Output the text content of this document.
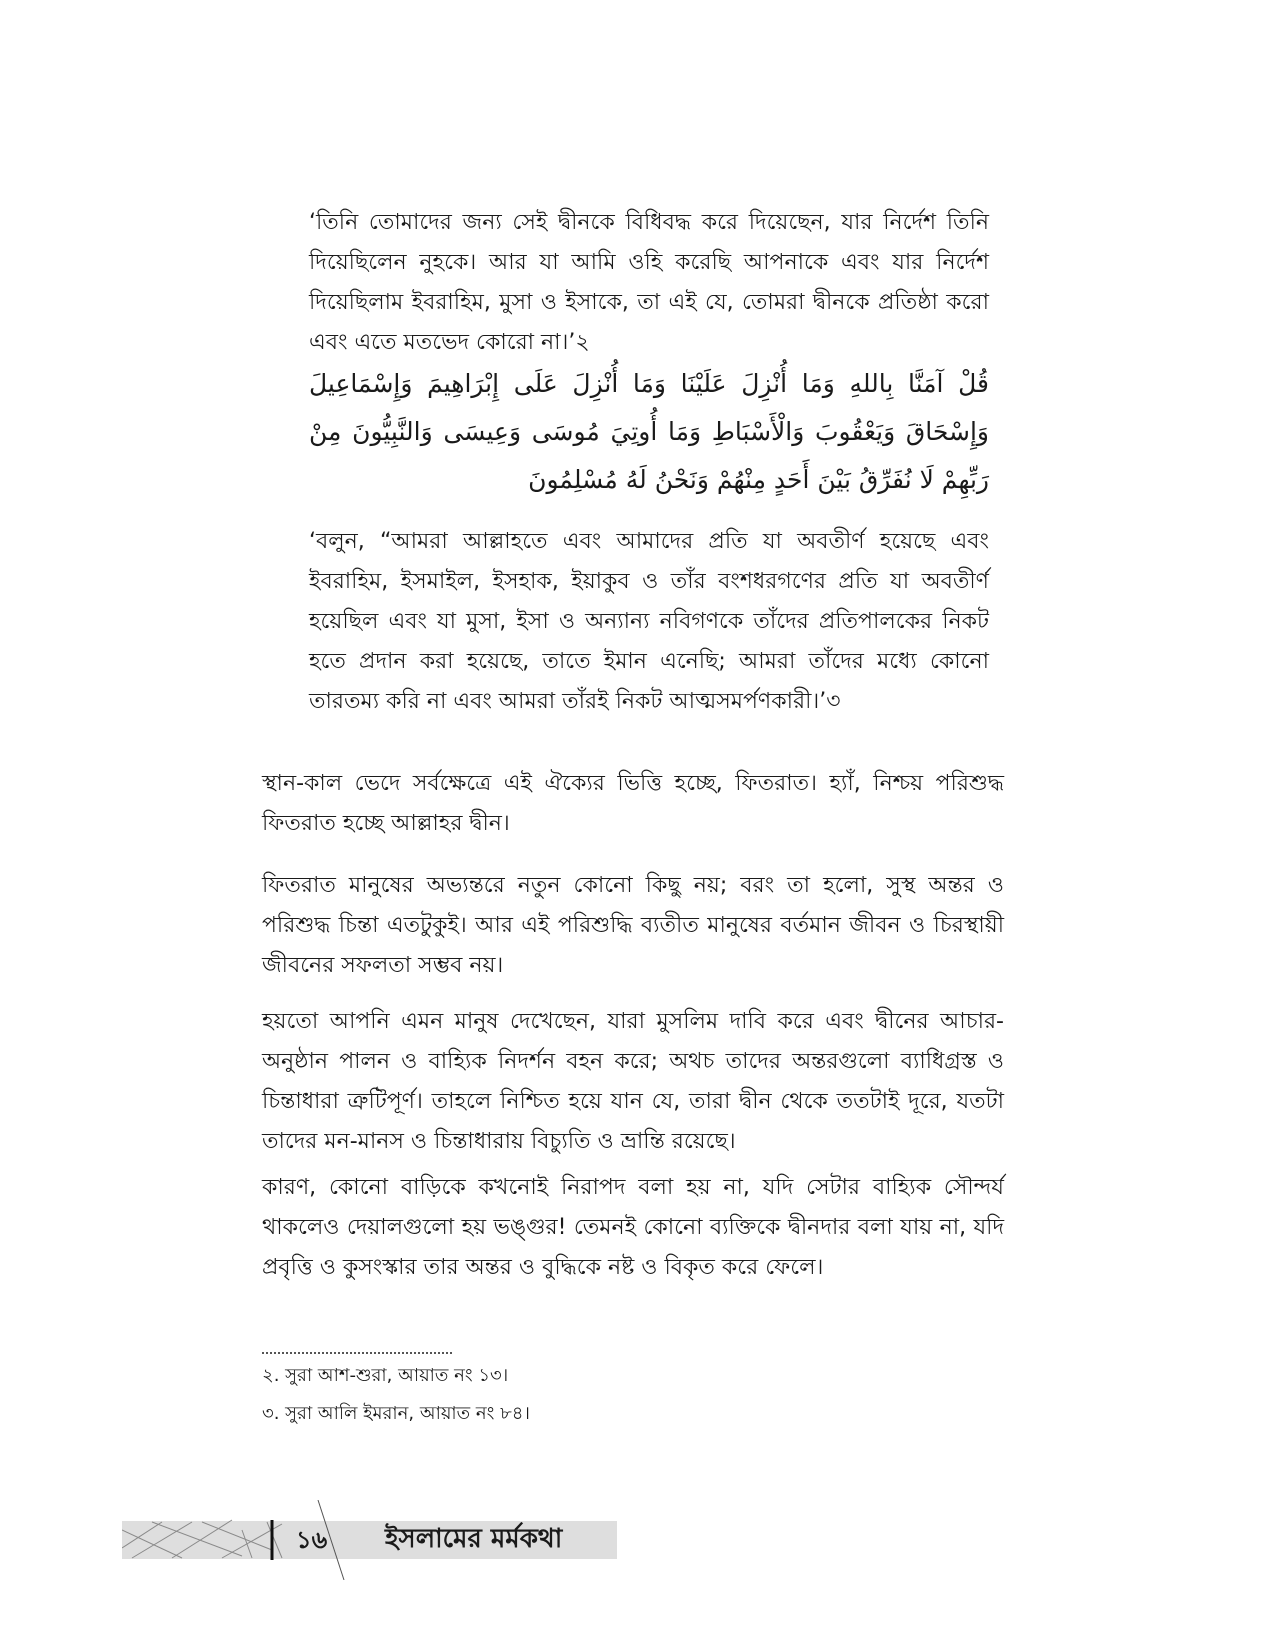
‘তিনি তোমাদের জন্য সেই দ্বীনকে বিধিবদ্ধ করে দিয়েছেন, যার নির্দেশ তিনি দিয়েছিলেন নুহকে। আর যা আমি ওহি করেছি আপনাকে এবং যার নির্দেশ দিয়েছিলাম ইবরাহিম, মুসা ও ইসাকে, তা এই যে, তোমরা দ্বীনকে প্রতিষ্ঠা করো এবং এতে মতভেদ কোরো না।’২
قُلْ آمَنَّا بِاللهِ وَمَا أُنْزِلَ عَلَيْنَا وَمَا أُنْزِلَ عَلَى إِبْرَاهِيمَ وَإِسْمَاعِيلَ وَإِسْحَاقَ وَيَعْقُوبَ وَالْأَسْبَاطِ وَمَا أُوتِيَ مُوسَى وَعِيسَى وَالنَّبِيُّونَ مِنْ رَبِّهِمْ لَا نُفَرِّقُ بَيْنَ أَحَدٍ مِنْهُمْ وَنَحْنُ لَهُ مُسْلِمُونَ
‘বলুন, “আমরা আল্লাহতে এবং আমাদের প্রতি যা অবতীর্ণ হয়েছে এবং ইবরাহিম, ইসমাইল, ইসহাক, ইয়াকুব ও তাঁর বংশধরগণের প্রতি যা অবতীর্ণ হয়েছিল এবং যা মুসা, ইসা ও অন্যান্য নবিগণকে তাঁদের প্রতিপালকের নিকট হতে প্রদান করা হয়েছে, তাতে ইমান এনেছি; আমরা তাঁদের মধ্যে কোনো তারতম্য করি না এবং আমরা তাঁরই নিকট আত্মসমর্পণকারী।’৩
স্থান-কাল ভেদে সর্বক্ষেত্রে এই ঐক্যের ভিত্তি হচ্ছে, ফিতরাত। হ্যাঁ, নিশ্চয় পরিশুদ্ধ ফিতরাত হচ্ছে আল্লাহর দ্বীন।
ফিতরাত মানুষের অভ্যন্তরে নতুন কোনো কিছু নয়; বরং তা হলো, সুস্থ অন্তর ও পরিশুদ্ধ চিন্তা এতটুকুই। আর এই পরিশুদ্ধি ব্যতীত মানুষের বর্তমান জীবন ও চিরস্থায়ী জীবনের সফলতা সম্ভব নয়।
হয়তো আপনি এমন মানুষ দেখেছেন, যারা মুসলিম দাবি করে এবং দ্বীনের আচার-অনুষ্ঠান পালন ও বাহ্যিক নিদর্শন বহন করে; অথচ তাদের অন্তরগুলো ব্যাধিগ্রস্ত ও চিন্তাধারা ত্রুটিপূর্ণ। তাহলে নিশ্চিত হয়ে যান যে, তারা দ্বীন থেকে ততটাই দূরে, যতটা তাদের মন-মানস ও চিন্তাধারায় বিচ্যুতি ও ভ্রান্তি রয়েছে।
কারণ, কোনো বাড়িকে কখনোই নিরাপদ বলা হয় না, যদি সেটার বাহ্যিক সৌন্দর্য থাকলেও দেয়ালগুলো হয় ভঙ্গুর! তেমনই কোনো ব্যক্তিকে দ্বীনদার বলা যায় না, যদি প্রবৃত্তি ও কুসংস্কার তার অন্তর ও বুদ্ধিকে নষ্ট ও বিকৃত করে ফেলে।
২. সুরা আশ-শুরা, আয়াত নং ১৩।
৩. সুরা আলি ইমরান, আয়াত নং ৮৪।
১৬ ইসলামের মর্মকথা
